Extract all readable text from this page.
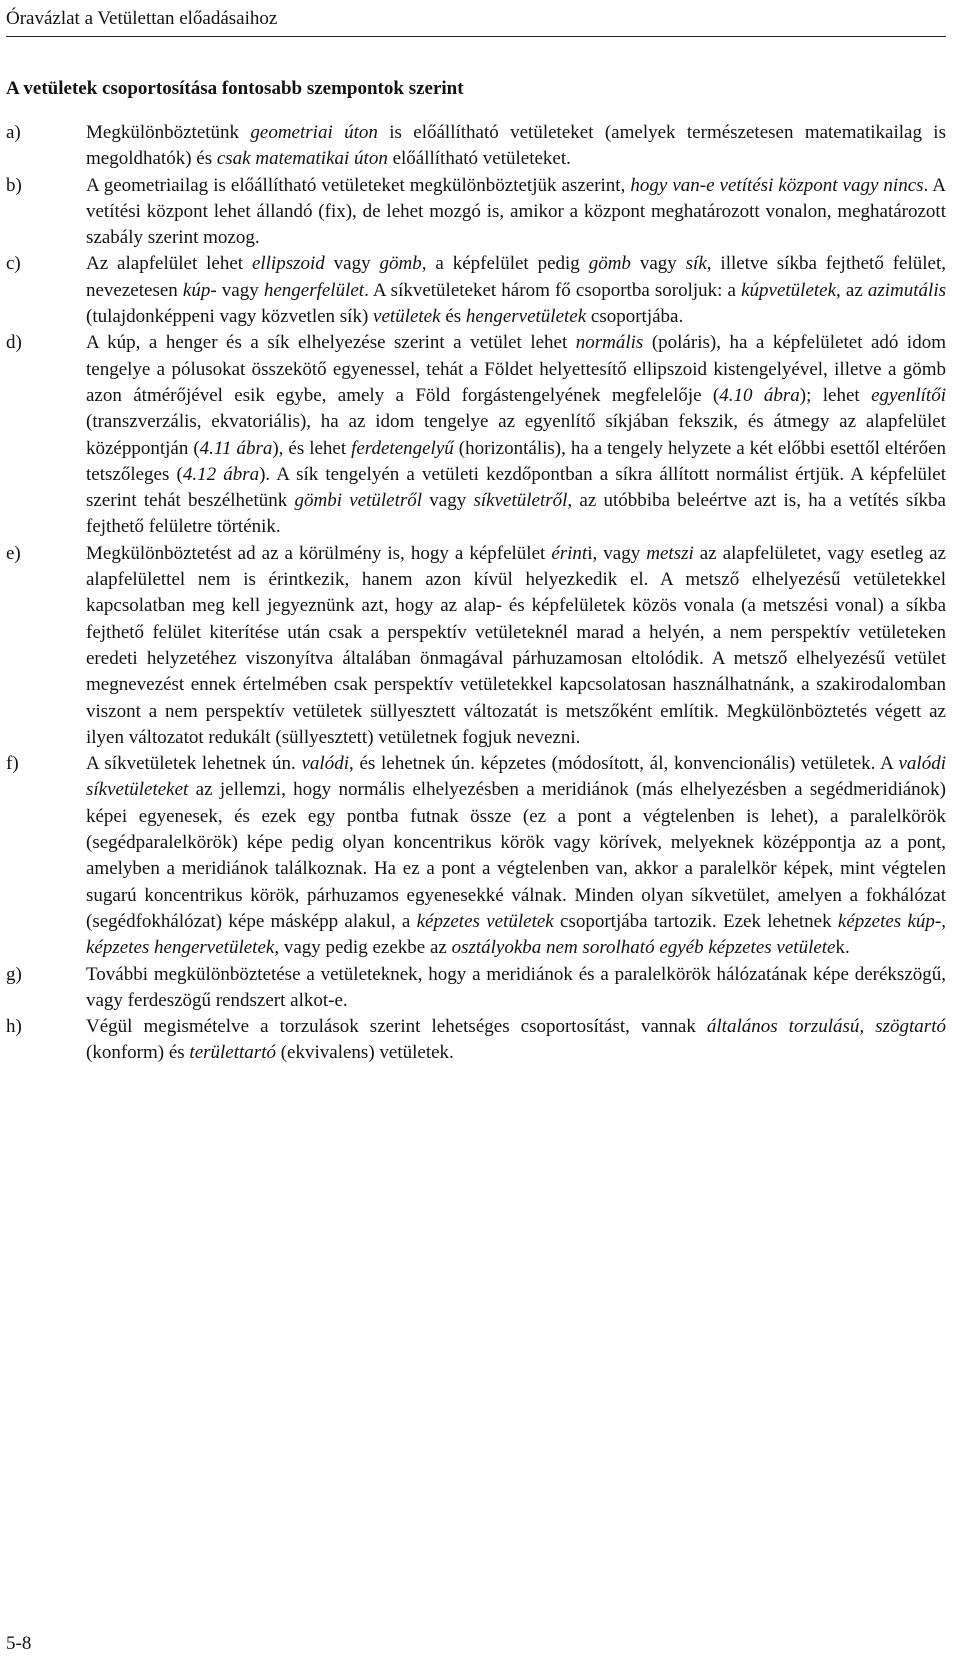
Óravázlat a Vetülettan előadásaihoz
A vetületek csoportosítása fontosabb szempontok szerint
a)	Megkülönböztetünk geometriai úton is előállítható vetületeket (amelyek természetesen matematikailag is megoldhatók) és csak matematikai úton előállítható vetületeket.

b)	A geometriailag is előállítható vetületeket megkülönböztetjük aszerint, hogy van-e vetítési központ vagy nincs. A vetítési központ lehet állandó (fix), de lehet mozgó is, amikor a központ meghatározott vonalon, meghatározott szabály szerint mozog.

c)	Az alapfelület lehet ellipszoid vagy gömb, a képfelület pedig gömb vagy sík, illetve síkba fejthető felület, nevezetesen kúp- vagy hengerfelület. A síkvetületeket három fő csoportba soroljuk: a kúpvetületek, az azimutális (tulajdonképpeni vagy közvetlen sík) vetületek és hengervetületek csoportjába.

d)	A kúp, a henger és a sík elhelyezése szerint a vetület lehet normális (poláris), ha a képfelületet adó idom tengelye a pólusokat összekötő egyenessel, tehát a Földet helyettesítő ellipszoid kistengelyével, illetve a gömb azon átmérőjével esik egybe, amely a Föld forgástengelyének megfelelője (4.10 ábra); lehet egyenlítői (transzverzális, ekvatoriális), ha az idom tengelye az egyenlítő síkjában fekszik, és átmegy az alapfelület középpontján (4.11 ábra), és lehet ferdetengelyű (horizontális), ha a tengely helyzete a két előbbi esettől eltérően tetszőleges (4.12 ábra). A sík tengelyén a vetületi kezdőpontban a síkra állított normálist értjük. A képfelület szerint tehát beszélhetünk gömbi vetületről vagy síkvetületről, az utóbbiba beleértve azt is, ha a vetítés síkba fejthető felületre történik.

e)	Megkülönböztetést ad az a körülmény is, hogy a képfelület érinti, vagy metszi az alapfelületet, vagy esetleg az alapfelülettel nem is érintkezik, hanem azon kívül helyezkedik el. A metsző elhelyezésű vetületekkel kapcsolatban meg kell jegyeznünk azt, hogy az alap- és képfelületek közös vonala (a metszési vonal) a síkba fejthető felület kiterítése után csak a perspektív vetületeknél marad a helyén, a nem perspektív vetületeken eredeti helyzetéhez viszonyítva általában önmagával párhuzamosan eltolódik. A metsző elhelyezésű vetület megnevezést ennek értelmében csak perspektív vetületekkel kapcsolatosan használhatnánk, a szakirodalomban viszont a nem perspektív vetületek süllyesztett változatát is metszőként említik. Megkülönböztetés végett az ilyen változatot redukált (süllyesztett) vetületnek fogjuk nevezni.

f)	A síkvetületek lehetnek ún. valódi, és lehetnek ún. képzetes (módosított, ál, konvencionális) vetületek. A valódi síkvetületeket az jellemzi, hogy normális elhelyezésben a meridiánok (más elhelyezésben a segédmeridiánok) képei egyenesek, és ezek egy pontba futnak össze (ez a pont a végtelenben is lehet), a paralelkörök (segédparalelkörök) képe pedig olyan koncentrikus körök vagy körívek, melyeknek középpontja az a pont, amelyben a meridiánok találkoznak. Ha ez a pont a végtelenben van, akkor a paralelkör képek, mint végtelen sugarú koncentrikus körök, párhuzamos egyenesekké válnak. Minden olyan síkvetület, amelyen a fokhálózat (segédfokhálózat) képe másképp alakul, a képzetes vetületek csoportjába tartozik. Ezek lehetnek képzetes kúp-, képzetes hengervetületek, vagy pedig ezekbe az osztályokba nem sorolható egyéb képzetes vetületek.

g)	További megkülönböztetése a vetületeknek, hogy a meridiánok és a paralelkörök hálózatának képe derékszögű, vagy ferdeszögű rendszert alkot-e.

h)	Végül megismételve a torzulások szerint lehetséges csoportosítást, vannak általános torzulású, szögtartó (konform) és területtartó (ekvivalens) vetületek.

5-8
